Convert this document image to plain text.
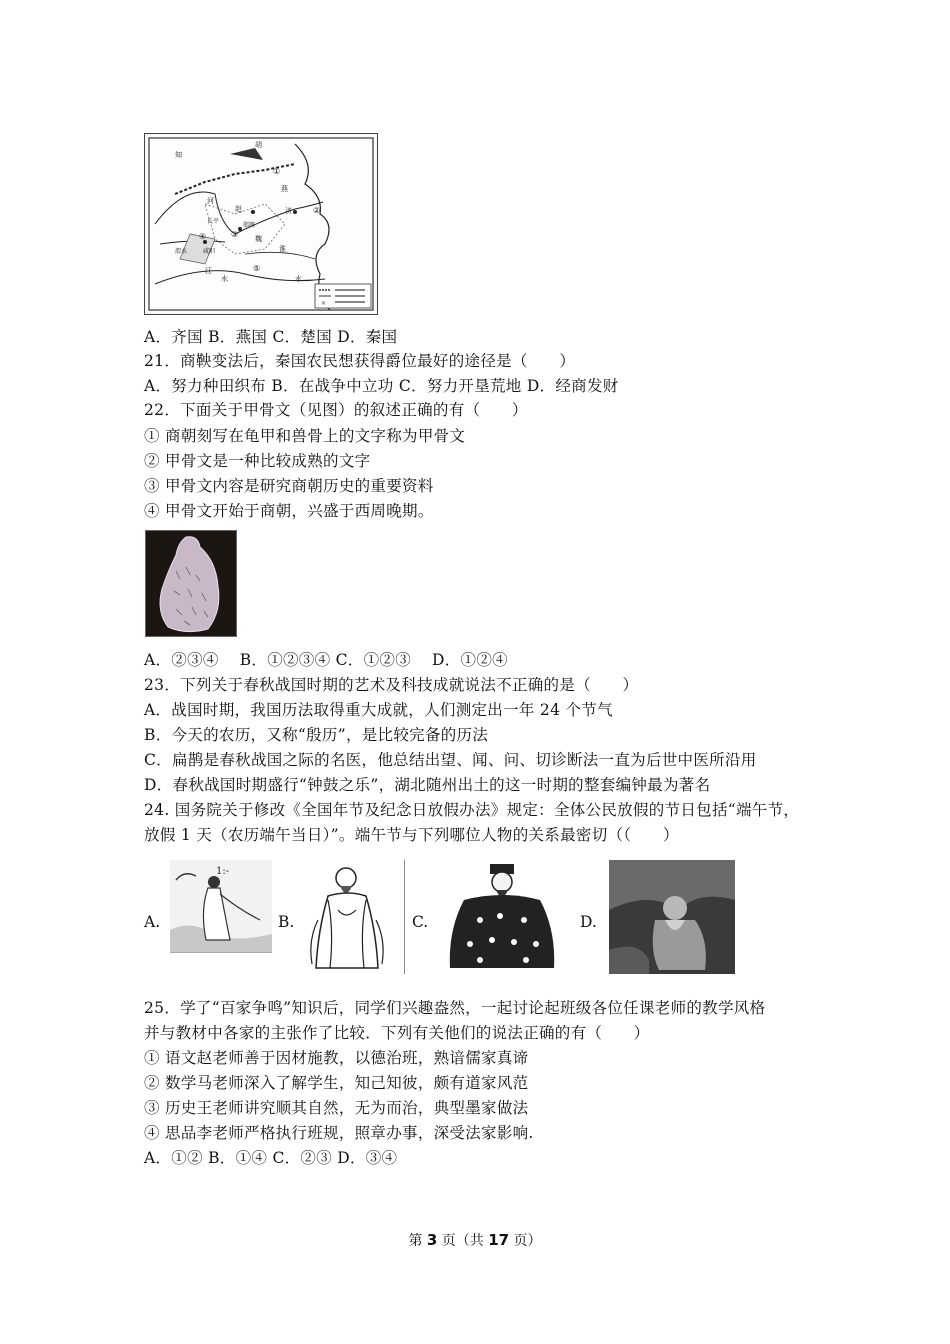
×
知
胡
①
燕
河
赵	济	②
长平
邯郸
④	③ 魏
渭水	咸阳
江
水
⑤
淮
水
A．齐国 B．燕国 C．楚国 D．秦国
21．商鞅变法后，秦国农民想获得爵位最好的途径是（　　）
A．努力种田织布 B．在战争中立功 C．努力开垦荒地 D．经商发财
22．下面关于甲骨文（见图）的叙述正确的有（　　）
① 商朝刻写在龟甲和兽骨上的文字称为甲骨文
② 甲骨文是一种比较成熟的文字
③ 甲骨文内容是研究商朝历史的重要资料
④ 甲骨文开始于商朝，兴盛于西周晚期。
A．②③④　 B．①②③④ C．①②③　 D．①②④
23．下列关于春秋战国时期的艺术及科技成就说法不正确的是（　　）
A．战国时期，我国历法取得重大成就，人们测定出一年 24 个节气
B．今天的农历，又称“殷历”，是比较完备的历法
C．扁鹊是春秋战国之际的名医，他总结出望、闻、问、切诊断法一直为后世中医所沿用
D．春秋战国时期盛行“钟鼓之乐”，湖北随州出土的这一时期的整套编钟最为著名
24. 国务院关于修改《全国年节及纪念日放假办法》规定：全体公民放假的节日包括“端午节，
放假 1 天（农历端午当日）”。端午节与下列哪位人物的关系最密切（（　　）
A.
1:-
B.	C.	D.
25．学了“百家争鸣”知识后，同学们兴趣盎然，一起讨论起班级各位任课老师的教学风格
并与教材中各家的主张作了比较．下列有关他们的说法正确的有（　　）
① 语文赵老师善于因材施教，以德治班，熟谙儒家真谛
② 数学马老师深入了解学生，知己知彼，颇有道家风范
③ 历史王老师讲究顺其自然，无为而治，典型墨家做法
④ 思品李老师严格执行班规，照章办事，深受法家影响.
A．①② B．①④ C．②③ D．③④
第 3 页（共 17 页）
